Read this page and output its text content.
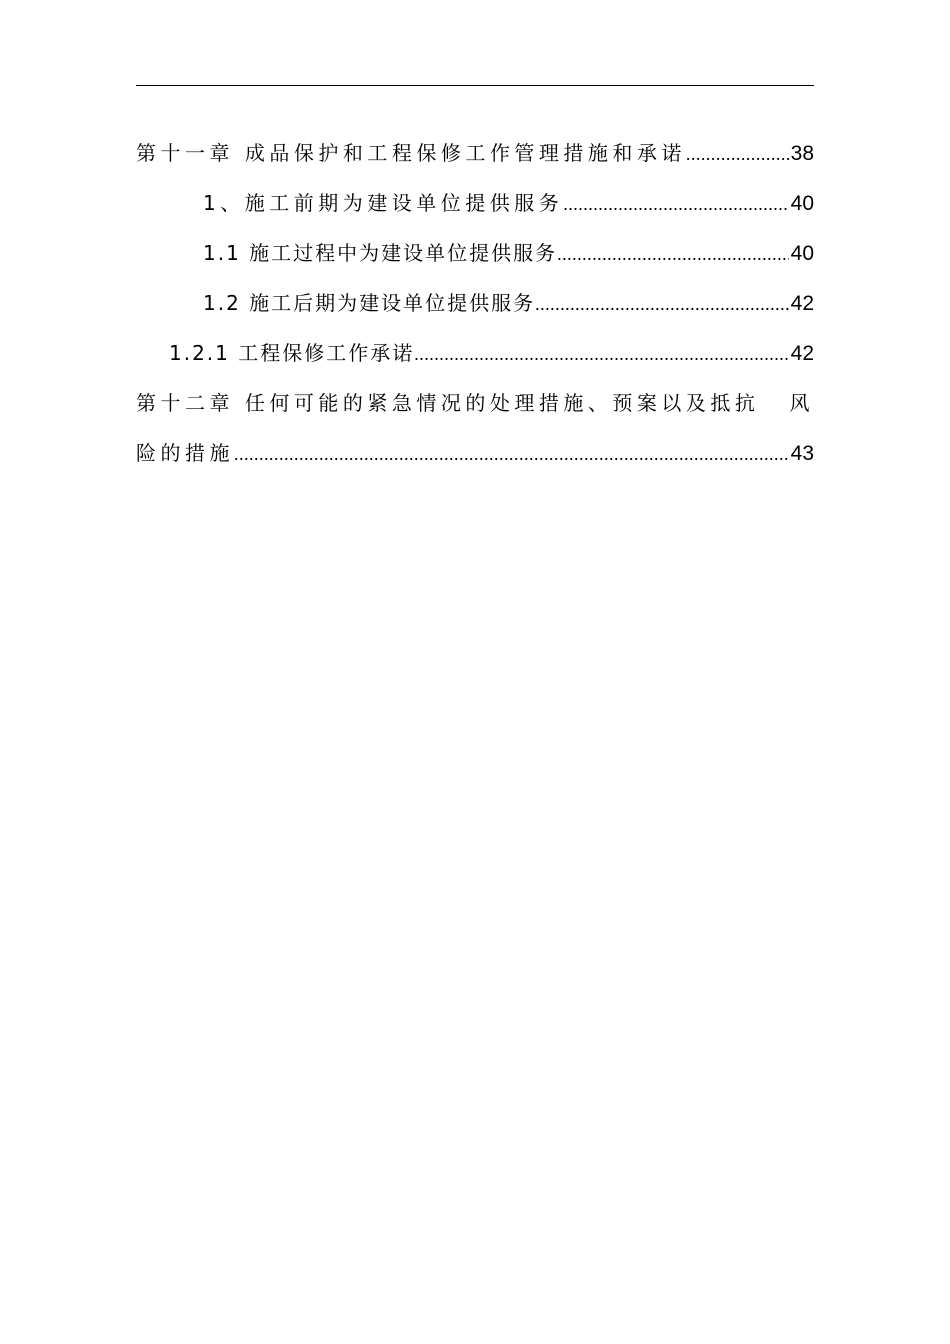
第十一章 成品保护和工程保修工作管理措施和承诺 .....	38
1、施工前期为建设单位提供服务 .....	40
1.1 施工过程中为建设单位提供服务 .....	40
1.2 施工后期为建设单位提供服务 .....	42
1.2.1 工程保修工作承诺 .....	42
第十二章 任何可能的紧急情况的处理措施、预案以及抵抗 风
险的措施 .....	43
